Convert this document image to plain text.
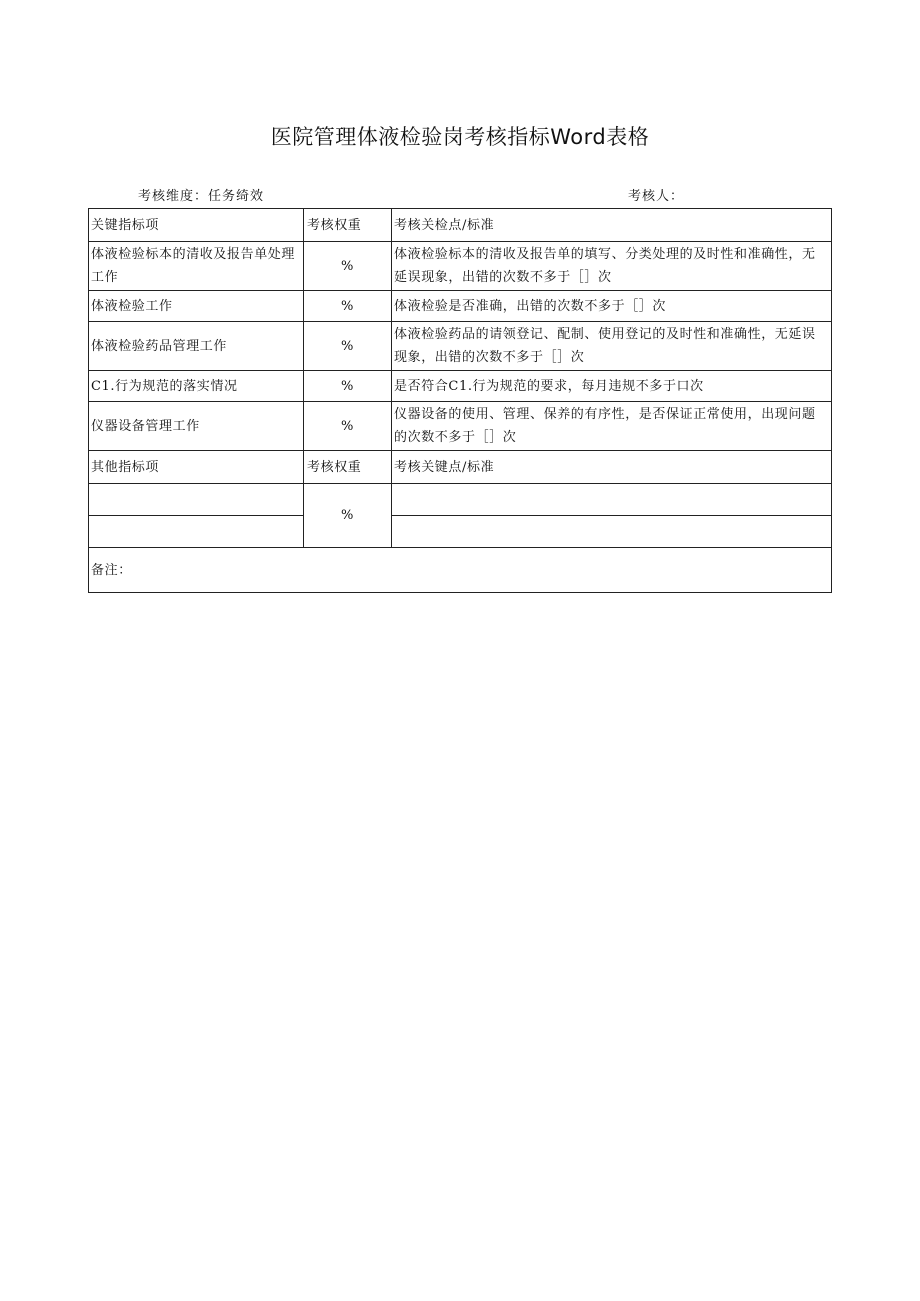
医院管理体液检验岗考核指标Word表格
考核维度：任务绮效	考核人：
关键指标项	考核权重	考核关检点/标准
体液检验标本的清收及报告单处理工作	%	体液检验标本的清收及报告单的填写、分类处理的及时性和准确性，无延误现象，出错的次数不多于［］次
体液检验工作	%	体液检验是否准确，出错的次数不多于［］次
体液检验药品管理工作	%	体液检验药品的请领登记、配制、使用登记的及时性和准确性，无延误现象，出错的次数不多于［］次
C1.行为规范的落实情况	%	是否符合C1.行为规范的要求，每月违规不多于口次
仪器设备管理工作	%	仪器设备的使用、管理、保养的有序性，是否保证正常使用，出现问题的次数不多于［］次
其他指标项	考核权重	考核关键点/标准
	%	

备注：		
